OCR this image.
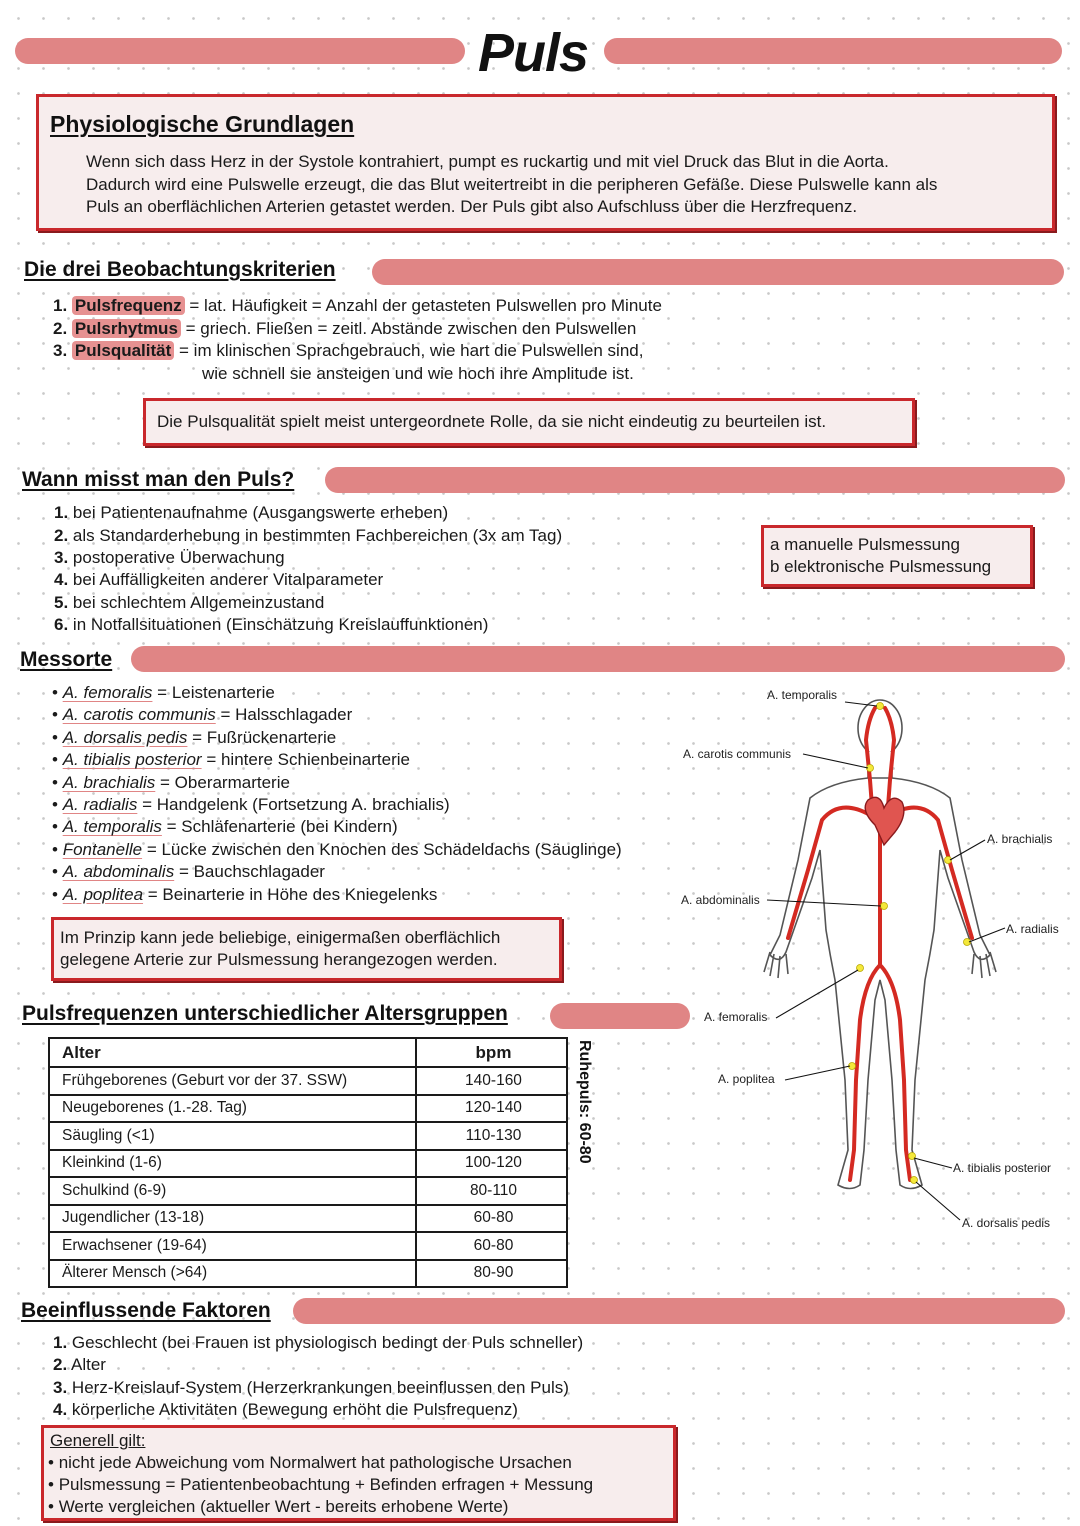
Puls
Physiologische Grundlagen
Wenn sich dass Herz in der Systole kontrahiert, pumpt es ruckartig und mit viel Druck das Blut in die Aorta.
Dadurch wird eine Pulswelle erzeugt, die das Blut weitertreibt in die peripheren Gefäße. Diese Pulswelle kann als
Puls an oberflächlichen Arterien getastet werden. Der Puls gibt also Aufschluss über die Herzfrequenz.
Die drei Beobachtungskriterien
1. Pulsfrequenz = lat. Häufigkeit = Anzahl der getasteten Pulswellen pro Minute
2. Pulsrhytmus = griech. Fließen = zeitl. Abstände zwischen den Pulswellen
3. Pulsqualität = im klinischen Sprachgebrauch, wie hart die Pulswellen sind,
wie schnell sie ansteigen und wie hoch ihre Amplitude ist.
Die Pulsqualität spielt meist untergeordnete Rolle, da sie nicht eindeutig zu beurteilen ist.
Wann misst man den Puls?
1. bei Patientenaufnahme (Ausgangswerte erheben)
2. als Standarderhebung in bestimmten Fachbereichen (3x am Tag)
3. postoperative Überwachung
4. bei Auffälligkeiten anderer Vitalparameter
5. bei schlechtem Allgemeinzustand
6. in Notfallsituationen (Einschätzung Kreislauffunktionen)
a manuelle Pulsmessung
b elektronische Pulsmessung
Messorte
• A. femoralis = Leistenarterie
• A. carotis communis = Halsschlagader
• A. dorsalis pedis = Fußrückenarterie
• A. tibialis posterior = hintere Schienbeinarterie
• A. brachialis = Oberarmarterie
• A. radialis = Handgelenk (Fortsetzung A. brachialis)
• A. temporalis = Schläfenarterie (bei Kindern)
• Fontanelle = Lücke zwischen den Knochen des Schädeldachs (Säuglinge)
• A. abdominalis = Bauchschlagader
• A. poplitea = Beinarterie in Höhe des Kniegelenks
Im Prinzip kann jede beliebige, einigermaßen oberflächlich
gelegene Arterie zur Pulsmessung herangezogen werden.
A. temporalis
A. carotis communis
A. brachialis
A. abdominalis
A. radialis
A. femoralis
A. poplitea
A. tibialis posterior
A. dorsalis pedis
Pulsfrequenzen unterschiedlicher Altersgruppen
Alter	bpm
Frühgeborenes (Geburt vor der 37. SSW)	140-160
Neugeborenes (1.-28. Tag)	120-140
Säugling (<1)	110-130
Kleinkind (1-6)	100-120
Schulkind (6-9)	80-110
Jugendlicher (13-18)	60-80
Erwachsener (19-64)	60-80
Älterer Mensch (>64)	80-90
Ruhepuls: 60-80
Beeinflussende Faktoren
1. Geschlecht (bei Frauen ist physiologisch bedingt der Puls schneller)
2. Alter
3. Herz-Kreislauf-System (Herzerkrankungen beeinflussen den Puls)
4. körperliche Aktivitäten (Bewegung erhöht die Pulsfrequenz)
Generell gilt:
• nicht jede Abweichung vom Normalwert hat pathologische Ursachen
• Pulsmessung = Patientenbeobachtung + Befinden erfragen + Messung
• Werte vergleichen (aktueller Wert - bereits erhobene Werte)
